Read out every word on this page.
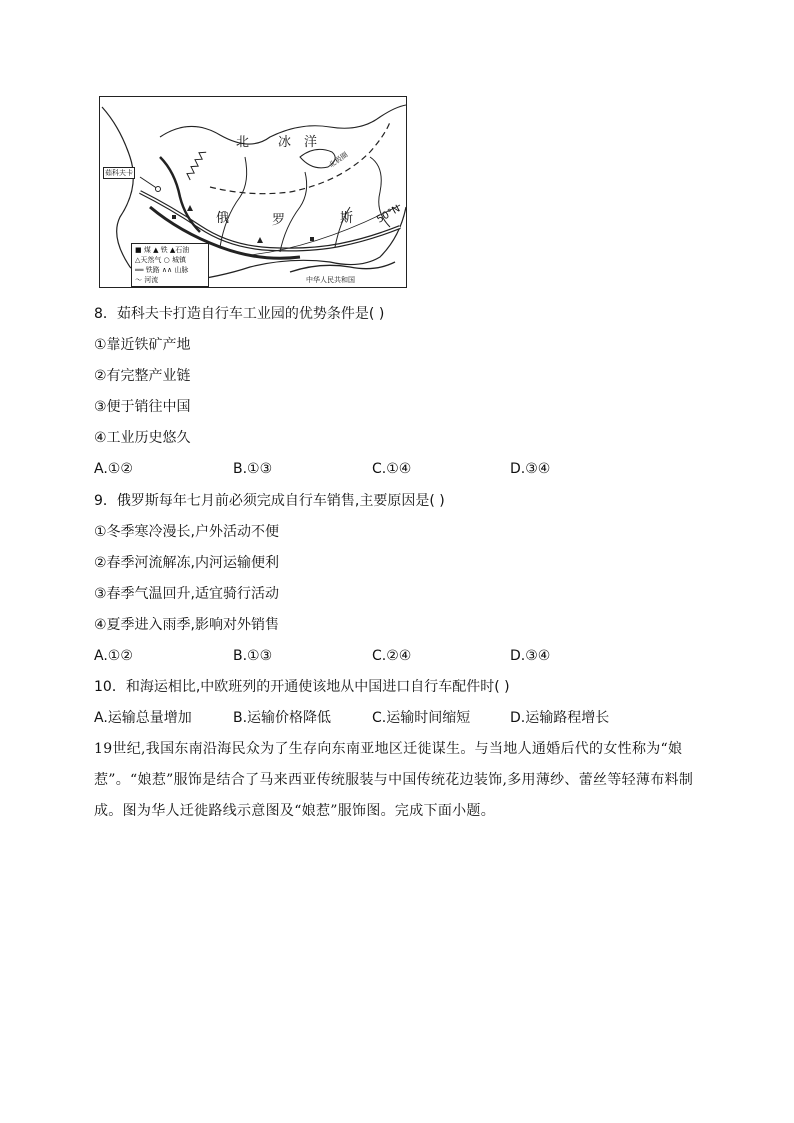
北 冰 洋
俄	罗	斯
茹科夫卡
北极圈
50°N
中华人民共和国
■ 煤 ▲ 铁 ▲石油
△天然气 ○ 城镇
══ 铁路 ∧∧ 山脉
〜 河流
8．茹科夫卡打造自行车工业园的优势条件是( )
①靠近铁矿产地
②有完整产业链
③便于销往中国
④工业历史悠久
A.①②	B.①③	C.①④	D.③④
9．俄罗斯每年七月前必须完成自行车销售,主要原因是( )
①冬季寒冷漫长,户外活动不便
②春季河流解冻,内河运输便利
③春季气温回升,适宜骑行活动
④夏季进入雨季,影响对外销售
A.①②	B.①③	C.②④	D.③④
10．和海运相比,中欧班列的开通使该地从中国进口自行车配件时( )
A.运输总量增加	B.运输价格降低	C.运输时间缩短	D.运输路程增长
19世纪,我国东南沿海民众为了生存向东南亚地区迁徙谋生。与当地人通婚后代的女性称为“娘惹”。“娘惹”服饰是结合了马来西亚传统服装与中国传统花边装饰,多用薄纱、蕾丝等轻薄布料制成。图为华人迁徙路线示意图及“娘惹”服饰图。完成下面小题。
